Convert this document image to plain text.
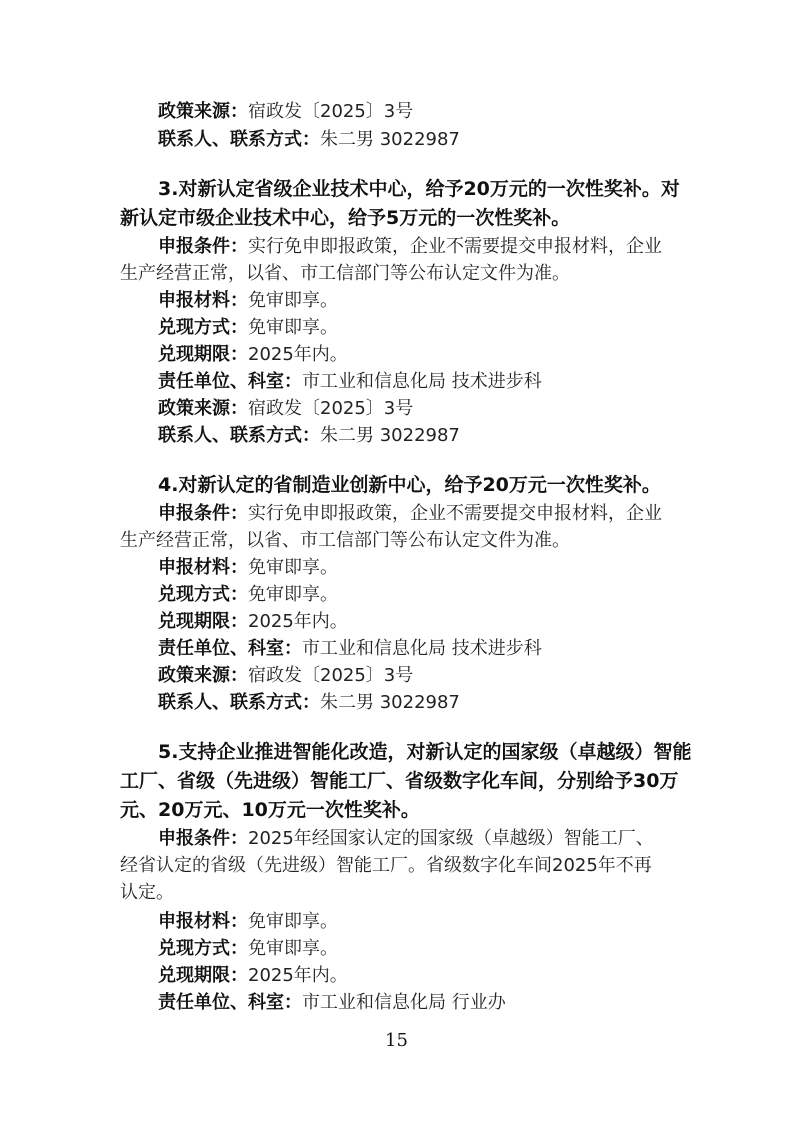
政策来源：宿政发〔2025〕3号
联系人、联系方式：朱二男 3022987
3.对新认定省级企业技术中心，给予20万元的一次性奖补。对
新认定市级企业技术中心，给予5万元的一次性奖补。
申报条件：实行免申即报政策，企业不需要提交申报材料，企业
生产经营正常，以省、市工信部门等公布认定文件为准。
申报材料：免审即享。
兑现方式：免审即享。
兑现期限：2025年内。
责任单位、科室：市工业和信息化局 技术进步科
政策来源：宿政发〔2025〕3号
联系人、联系方式：朱二男 3022987
4.对新认定的省制造业创新中心，给予20万元一次性奖补。
申报条件：实行免申即报政策，企业不需要提交申报材料，企业
生产经营正常，以省、市工信部门等公布认定文件为准。
申报材料：免审即享。
兑现方式：免审即享。
兑现期限：2025年内。
责任单位、科室：市工业和信息化局 技术进步科
政策来源：宿政发〔2025〕3号
联系人、联系方式：朱二男 3022987
5.支持企业推进智能化改造，对新认定的国家级（卓越级）智能
工厂、省级（先进级）智能工厂、省级数字化车间，分别给予30万
元、20万元、10万元一次性奖补。
申报条件：2025年经国家认定的国家级（卓越级）智能工厂、
经省认定的省级（先进级）智能工厂。省级数字化车间2025年不再
认定。
申报材料：免审即享。
兑现方式：免审即享。
兑现期限：2025年内。
责任单位、科室：市工业和信息化局 行业办
15
